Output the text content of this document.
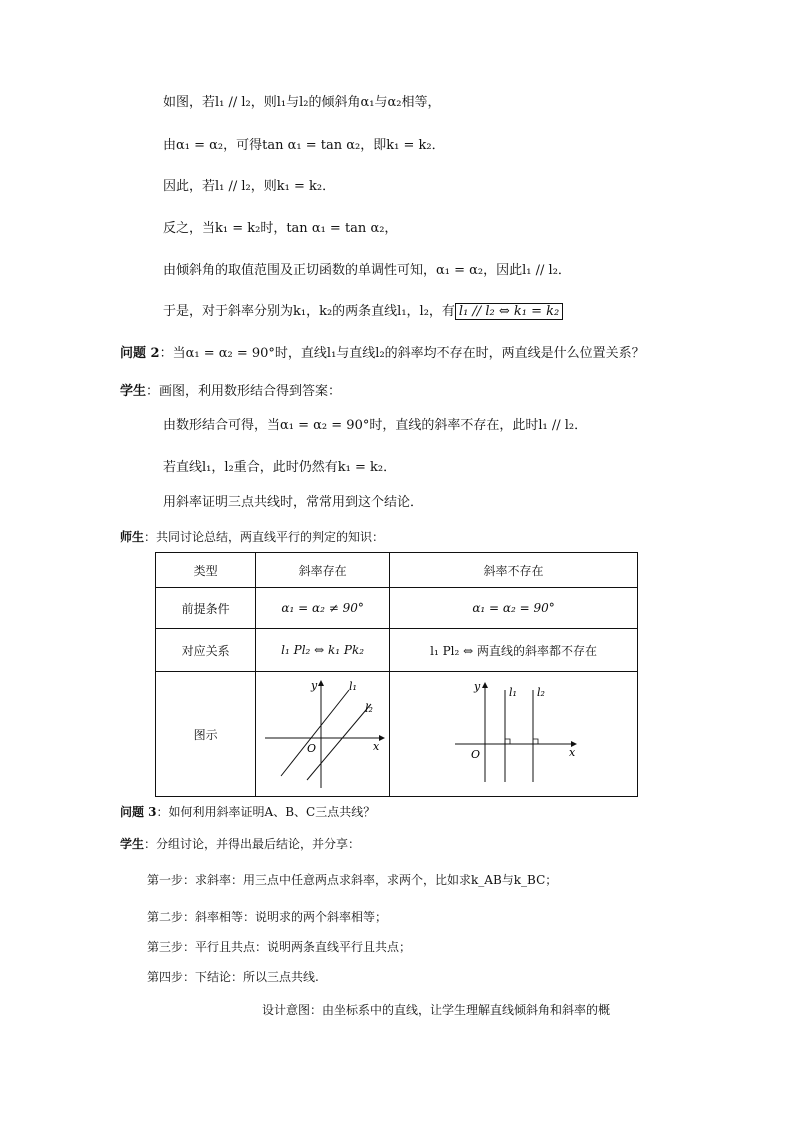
如图，若l₁ // l₂，则l₁与l₂的倾斜角α₁与α₂相等，
由α₁ = α₂，可得tan α₁ = tan α₂，即k₁ = k₂．
因此，若l₁ // l₂，则k₁ = k₂．
反之，当k₁ = k₂时，tan α₁ = tan α₂，
由倾斜角的取值范围及正切函数的单调性可知，α₁ = α₂，因此l₁ // l₂．
于是，对于斜率分别为k₁，k₂的两条直线l₁，l₂，有 l₁ // l₂ ⇔ k₁ = k₂
问题 2：当α₁ = α₂ = 90°时，直线l₁与直线l₂的斜率均不存在时，两直线是什么位置关系？
学生：画图，利用数形结合得到答案：
由数形结合可得，当α₁ = α₂ = 90°时，直线的斜率不存在，此时l₁ // l₂．
若直线l₁，l₂重合，此时仍然有k₁ = k₂．
用斜率证明三点共线时，常常用到这个结论．
师生：共同讨论总结，两直线平行的判定的知识：
类型	斜率存在	斜率不存在
前提条件	α₁ = α₂ ≠ 90°	α₁ = α₂ = 90°
对应关系	l₁ Pl₂ ⇔ k₁ Pk₂	l₁ Pl₂ ⇔ 两直线的斜率都不存在
图示	y
x
O
l₁
l₂	y
x
O
l₁ l₂
问题 3：如何利用斜率证明A、B、C三点共线？
学生：分组讨论，并得出最后结论，并分享：
第一步：求斜率：用三点中任意两点求斜率，求两个，比如求k_AB与k_BC；
第二步：斜率相等：说明求的两个斜率相等；
第三步：平行且共点：说明两条直线平行且共点；
第四步：下结论：所以三点共线.
设计意图：由坐标系中的直线，让学生理解直线倾斜角和斜率的概
